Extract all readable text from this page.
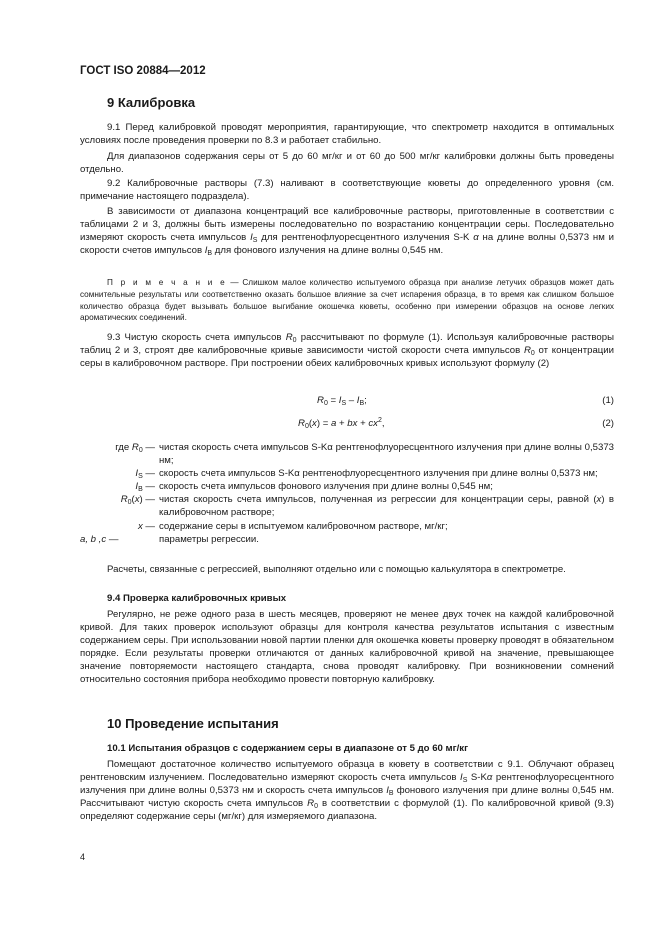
ГОСТ ISO 20884—2012
9 Калибровка

9.1 Перед калибровкой проводят мероприятия, гарантирующие, что спектрометр находится в оптимальных условиях после проведения проверки по 8.3 и работает стабильно.

Для диапазонов содержания серы от 5 до 60 мг/кг и от 60 до 500 мг/кг калибровки должны быть проведены отдельно.

9.2 Калибровочные растворы (7.3) наливают в соответствующие кюветы до определенного уровня (см. примечание настоящего подраздела).

В зависимости от диапазона концентраций все калибровочные растворы, приготовленные в соответствии с таблицами 2 и 3, должны быть измерены последовательно по возрастанию концентрации серы. Последовательно измеряют скорость счета импульсов $I_S$ для рентгенофлуоресцентного излучения S-K α на длине волны 0,5373 нм и скорости счетов импульсов $I_B$ для фонового излучения на длине волны 0,545 нм.

П р и м е ч а н и е — Слишком малое количество испытуемого образца при анализе летучих образцов может дать сомнительные результаты или соответственно оказать большое влияние за счет испарения образца, в то время как слишком большое количество образца будет вызывать большое выгибание окошечка кюветы, особенно при измерении образцов на основе легких ароматических соединений.

9.3 Чистую скорость счета импульсов $R_0$ рассчитывают по формуле (1). Используя калибровочные растворы таблиц 2 и 3, строят две калибровочные кривые зависимости чистой скорости счета импульсов $R_0$ от концентрации серы в калибровочном растворе. При построении обеих калибровочных кривых используют формулу (2)

$R_0 = I_S - I_B$;	(1)
$R_0(x) = a$ + bx + $cx^2$,	(2)
где $R_0$ — чистая скорость счета импульсов S-Kα рентгенофлуоресцентного излучения при длине волны 0,5373 нм;
$I_S$ — скорость счета импульсов S-Kα рентгенофлуоресцентного излучения при длине волны 0,5373 нм;
$I_B$ — скорость счета импульсов фонового излучения при длине волны 0,545 нм;
$R_0(x)$ — чистая скорость счета импульсов, полученная из регрессии для концентрации серы, равной (x) в калибровочном растворе;
x — содержание серы в испытуемом калибровочном растворе, мг/кг;
a, b ,c —	параметры регрессии.

Расчеты, связанные с регрессией, выполняют отдельно или с помощью калькулятора в спектрометре.

9.4 Проверка калибровочных кривых

Регулярно, не реже одного раза в шесть месяцев, проверяют не менее двух точек на каждой калибровочной кривой. Для таких проверок используют образцы для контроля качества результатов испытания с известным содержанием серы. При использовании новой партии пленки для окошечка кюветы проверку проводят в обязательном порядке. Если результаты проверки отличаются от данных калибровочной кривой на значение, превышающее значение повторяемости настоящего стандарта, снова проводят калибровку. При возникновении сомнений относительно состояния прибора необходимо провести повторную калибровку.

10 Проведение испытания
10.1 Испытания образцов с содержанием серы в диапазоне от 5 до 60 мг/кг

Помещают достаточное количество испытуемого образца в кювету в соответствии с 9.1. Облучают образец рентгеновским излучением. Последовательно измеряют скорость счета импульсов $I_S$ S-Kα рентгенофлуоресцентного излучения при длине волны 0,5373 нм и скорость счета импульсов $I_B$ фонового излучения при длине волны 0,545 нм. Рассчитывают чистую скорость счета импульсов $R_0$ в соответствии с формулой (1). По калибровочной кривой (9.3) определяют содержание серы (мг/кг) для измеряемого диапазона.

4
